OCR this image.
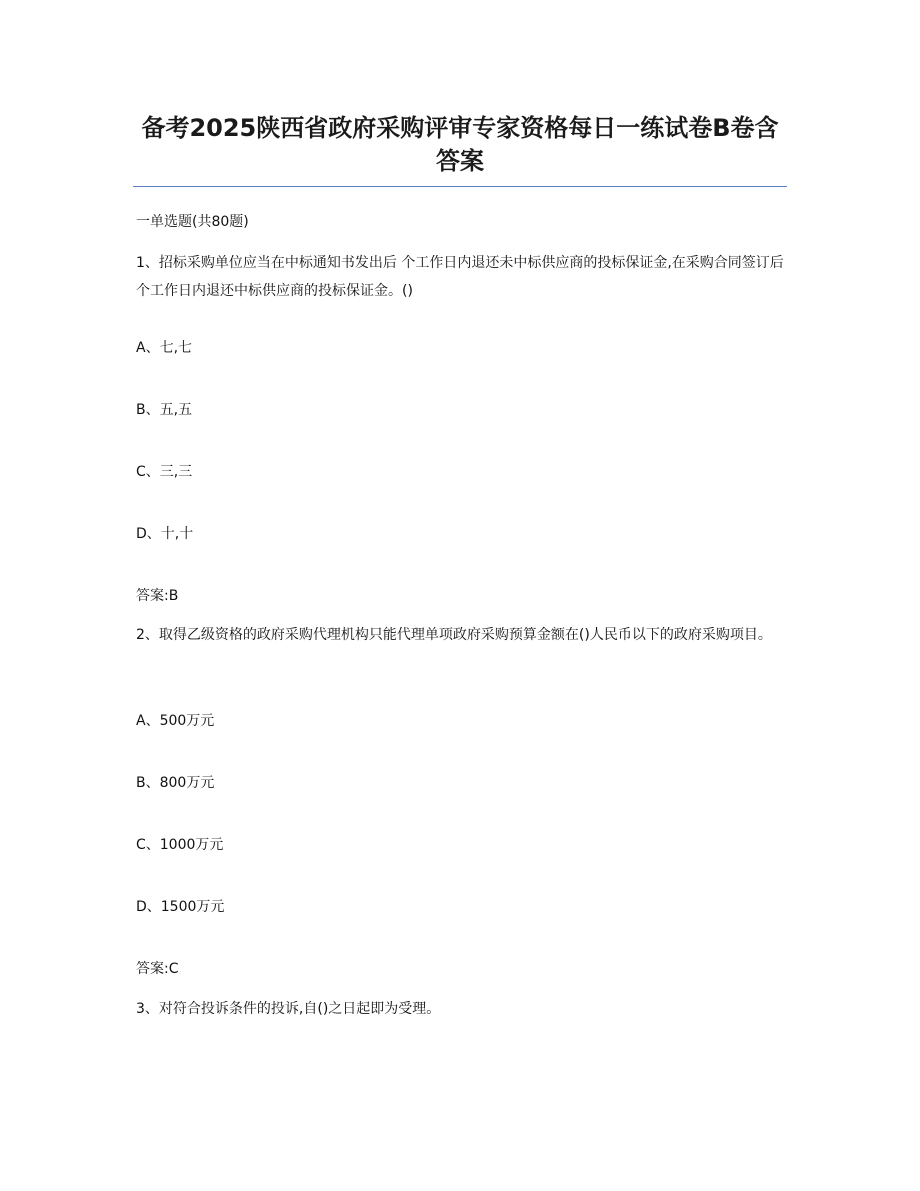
备考2025陕西省政府采购评审专家资格每日一练试卷B卷含答案
一单选题(共80题)
1、招标采购单位应当在中标通知书发出后 个工作日内退还未中标供应商的投标保证金,在采购合同签订后 个工作日内退还中标供应商的投标保证金。()
A、七,七
B、五,五
C、三,三
D、十,十
答案:B
2、取得乙级资格的政府采购代理机构只能代理单项政府采购预算金额在()人民币以下的政府采购项目。
A、500万元
B、800万元
C、1000万元
D、1500万元
答案:C
3、对符合投诉条件的投诉,自()之日起即为受理。
